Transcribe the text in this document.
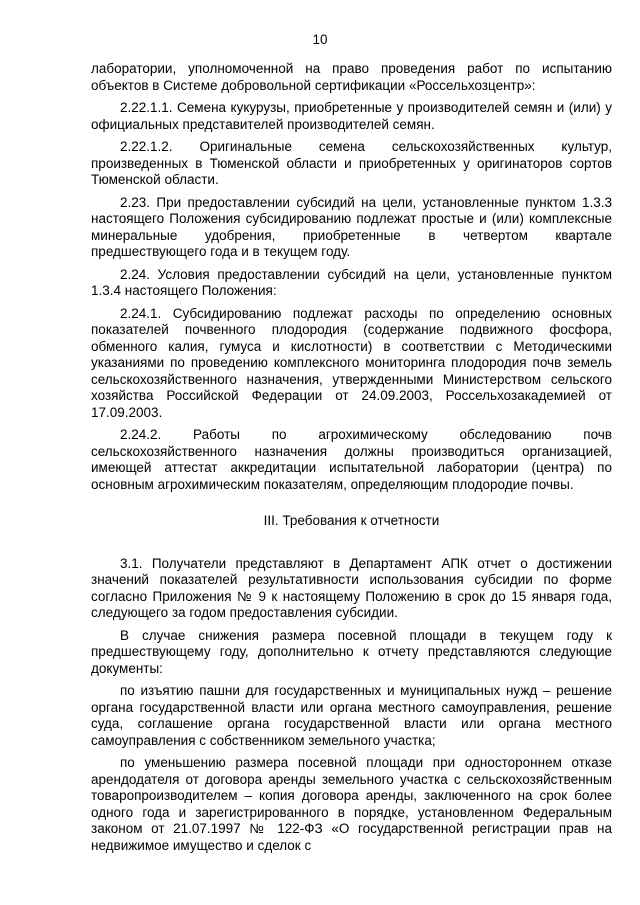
10

лаборатории, уполномоченной на право проведения работ по испытанию объектов в Системе добровольной сертификации «Россельхозцентр»:

2.22.1.1. Семена кукурузы, приобретенные у производителей семян и (или) у официальных представителей производителей семян.

2.22.1.2. Оригинальные семена сельскохозяйственных культур, произведенных в Тюменской области и приобретенных у оригинаторов сортов Тюменской области.

2.23. При предоставлении субсидий на цели, установленные пунктом 1.3.3 настоящего Положения субсидированию подлежат простые и (или) комплексные минеральные удобрения, приобретенные в четвертом квартале предшествующего года и в текущем году.

2.24. Условия предоставлении субсидий на цели, установленные пунктом 1.3.4 настоящего Положения:

2.24.1. Субсидированию подлежат расходы по определению основных показателей почвенного плодородия (содержание подвижного фосфора, обменного калия, гумуса и кислотности) в соответствии с Методическими указаниями по проведению комплексного мониторинга плодородия почв земель сельскохозяйственного назначения, утвержденными Министерством сельского хозяйства Российской Федерации от 24.09.2003, Россельхозакадемией от 17.09.2003.

2.24.2. Работы по агрохимическому обследованию почв сельскохозяйственного назначения должны производиться организацией, имеющей аттестат аккредитации испытательной лаборатории (центра) по основным агрохимическим показателям, определяющим плодородие почвы.

III. Требования к отчетности

3.1. Получатели представляют в Департамент АПК отчет о достижении значений показателей результативности использования субсидии по форме согласно Приложения № 9 к настоящему Положению в срок до 15 января года, следующего за годом предоставления субсидии.

В случае снижения размера посевной площади в текущем году к предшествующему году, дополнительно к отчету представляются следующие документы:

по изъятию пашни для государственных и муниципальных нужд – решение органа государственной власти или органа местного самоуправления, решение суда, соглашение органа государственной власти или органа местного самоуправления с собственником земельного участка;

по уменьшению размера посевной площади при одностороннем отказе арендодателя от договора аренды земельного участка с сельскохозяйственным товаропроизводителем – копия договора аренды, заключенного на срок более одного года и зарегистрированного в порядке, установленном Федеральным законом от 21.07.1997 № 122-ФЗ «О государственной регистрации прав на недвижимое имущество и сделок с
